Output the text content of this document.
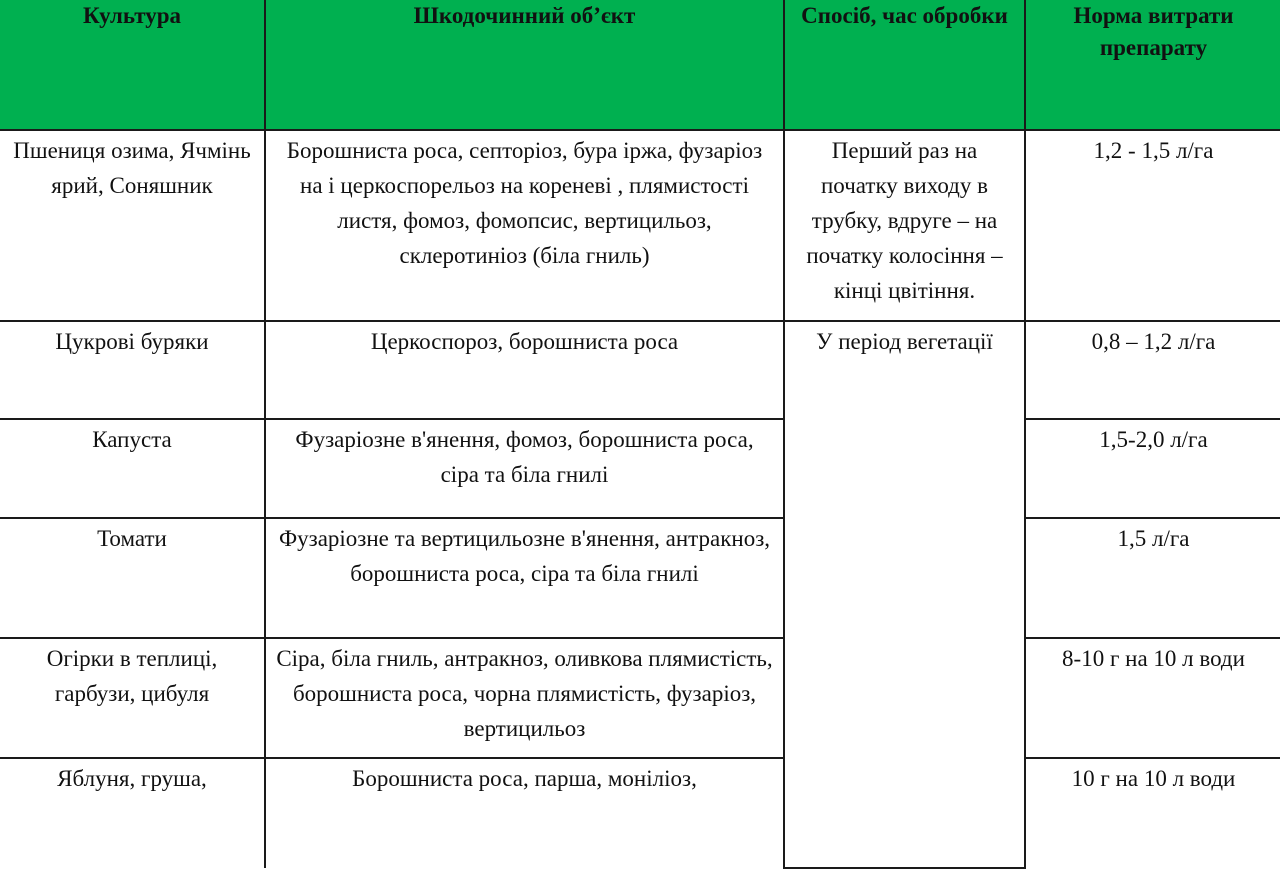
Культура	Шкодочинний об’єкт	Спосіб, час обробки	Норма витрати препарату
Пшениця озима, Ячмінь ярий, Соняшник	Борошниста роса, септоріоз, бура іржа, фузаріоз на і церкоспорельоз на кореневі , плямистості листя, фомоз, фомопсис, вертицильоз, склеротиніоз (біла гниль)	Перший раз на початку виходу в трубку, вдруге – на початку колосіння – кінці цвітіння.	1,2 - 1,5 л/га
Цукрові буряки	Церкоспороз, борошниста роса	У період вегетації	0,8 – 1,2 л/га
Капуста	Фузаріозне в'янення, фомоз, борошниста роса, сіра та біла гнилі		1,5-2,0 л/га
Томати	Фузаріозне та вертицильозне в'янення, антракноз, борошниста роса, сіра та біла гнилі		1,5 л/га
Огірки в теплиці, гарбузи, цибуля	Сіра, біла гниль, антракноз, оливкова плямистість, борошниста роса, чорна плямистість, фузаріоз, вертицильоз		8-10 г на 10 л води
Яблуня, груша,	Борошниста роса, парша, моніліоз,		10 г на 10 л води
